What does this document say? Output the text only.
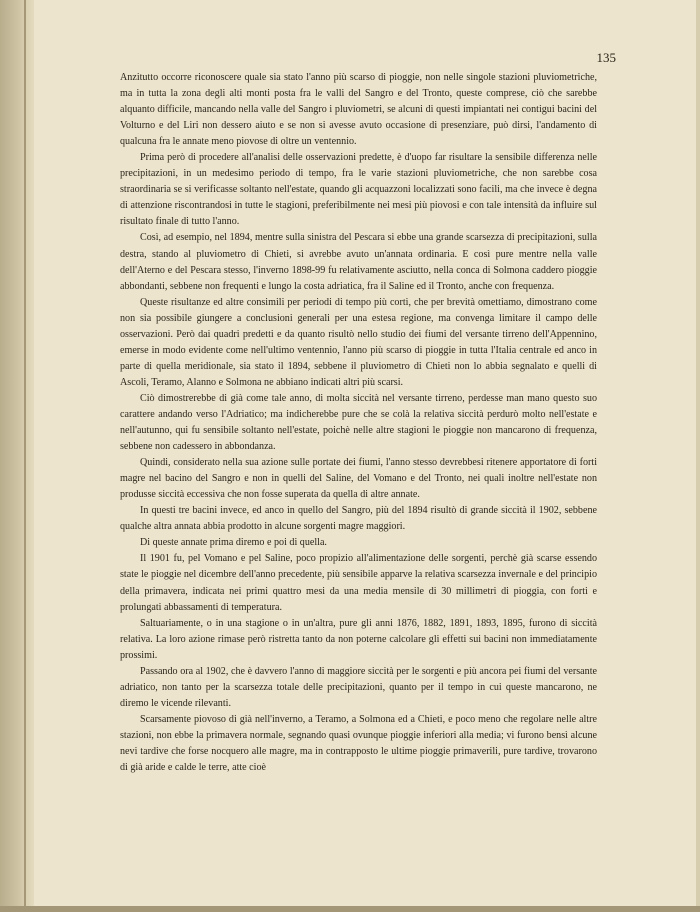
135

Anzitutto occorre riconoscere quale sia stato l'anno più scarso di pioggie, non nelle singole stazioni pluviometriche, ma in tutta la zona degli alti monti posta fra le valli del Sangro e del Tronto, queste comprese, ciò che sarebbe alquanto difficile, mancando nella valle del Sangro i pluviometri, se alcuni di questi impiantati nei contigui bacini del Volturno e del Liri non dessero aiuto e se non si avesse avuto occasione di presenziare, può dirsi, l'andamento di qualcuna fra le annate meno piovose di oltre un ventennio.

Prima però di procedere all'analisi delle osservazioni predette, è d'uopo far risultare la sensibile differenza nelle precipitazioni, in un medesimo periodo di tempo, fra le varie stazioni pluviometriche, che non sarebbe cosa straordinaria se si verificasse soltanto nell'estate, quando gli acquazzoni localizzati sono facili, ma che invece è degna di attenzione riscontrandosi in tutte le stagioni, preferibilmente nei mesi più piovosi e con tale intensità da influire sul risultato finale di tutto l'anno.

Così, ad esempio, nel 1894, mentre sulla sinistra del Pescara si ebbe una grande scarsezza di precipitazioni, sulla destra, stando al pluviometro di Chieti, si avrebbe avuto un'annata ordinaria. E così pure mentre nella valle dell'Aterno e del Pescara stesso, l'inverno 1898-99 fu relativamente asciutto, nella conca di Solmona caddero pioggie abbondanti, sebbene non frequenti e lungo la costa adriatica, fra il Saline ed il Tronto, anche con frequenza.

Queste risultanze ed altre consimili per periodi di tempo più corti, che per brevità omettiamo, dimostrano come non sia possibile giungere a conclusioni generali per una estesa regione, ma convenga limitare il campo delle osservazioni. Però dai quadri predetti e da quanto risultò nello studio dei fiumi del versante tirreno dell'Appennino, emerse in modo evidente come nell'ultimo ventennio, l'anno più scarso di pioggie in tutta l'Italia centrale ed anco in parte di quella meridionale, sia stato il 1894, sebbene il pluviometro di Chieti non lo abbia segnalato e quelli di Ascoli, Teramo, Alanno e Solmona ne abbiano indicati altri più scarsi.

Ciò dimostrerebbe di già come tale anno, di molta siccità nel versante tirreno, perdesse man mano questo suo carattere andando verso l'Adriatico; ma indicherebbe pure che se colà la relativa siccità perdurò molto nell'estate e nell'autunno, qui fu sensibile soltanto nell'estate, poichè nelle altre stagioni le pioggie non mancarono di frequenza, sebbene non cadessero in abbondanza.

Quindi, considerato nella sua azione sulle portate dei fiumi, l'anno stesso devrebbesi ritenere apportatore di forti magre nel bacino del Sangro e non in quelli del Saline, del Vomano e del Tronto, nei quali inoltre nell'estate non produsse siccità eccessiva che non fosse superata da quella di altre annate.

In questi tre bacini invece, ed anco in quello del Sangro, più del 1894 risultò di grande siccità il 1902, sebbene qualche altra annata abbia prodotto in alcune sorgenti magre maggiori.

Di queste annate prima diremo e poi di quella.

Il 1901 fu, pel Vomano e pel Saline, poco propizio all'alimentazione delle sorgenti, perchè già scarse essendo state le pioggie nel dicembre dell'anno precedente, più sensibile apparve la relativa scarsezza invernale e del principio della primavera, indicata nei primi quattro mesi da una media mensile di 30 millimetri di pioggia, con forti e prolungati abbassamenti di temperatura.

Saltuariamente, o in una stagione o in un'altra, pure gli anni 1876, 1882, 1891, 1893, 1895, furono di siccità relativa. La loro azione rimase però ristretta tanto da non poterne calcolare gli effetti sui bacini non immediatamente prossimi.

Passando ora al 1902, che è davvero l'anno di maggiore siccità per le sorgenti e più ancora pei fiumi del versante adriatico, non tanto per la scarsezza totale delle precipitazioni, quanto per il tempo in cui queste mancarono, ne diremo le vicende rilevanti.

Scarsamente piovoso di già nell'inverno, a Teramo, a Solmona ed a Chieti, e poco meno che regolare nelle altre stazioni, non ebbe la primavera normale, segnando quasi ovunque pioggie inferiori alla media; vi furono bensì alcune nevi tardive che forse nocquero alle magre, ma in contrapposto le ultime pioggie primaverili, pure tardive, trovarono di già aride e calde le terre, atte cioè
